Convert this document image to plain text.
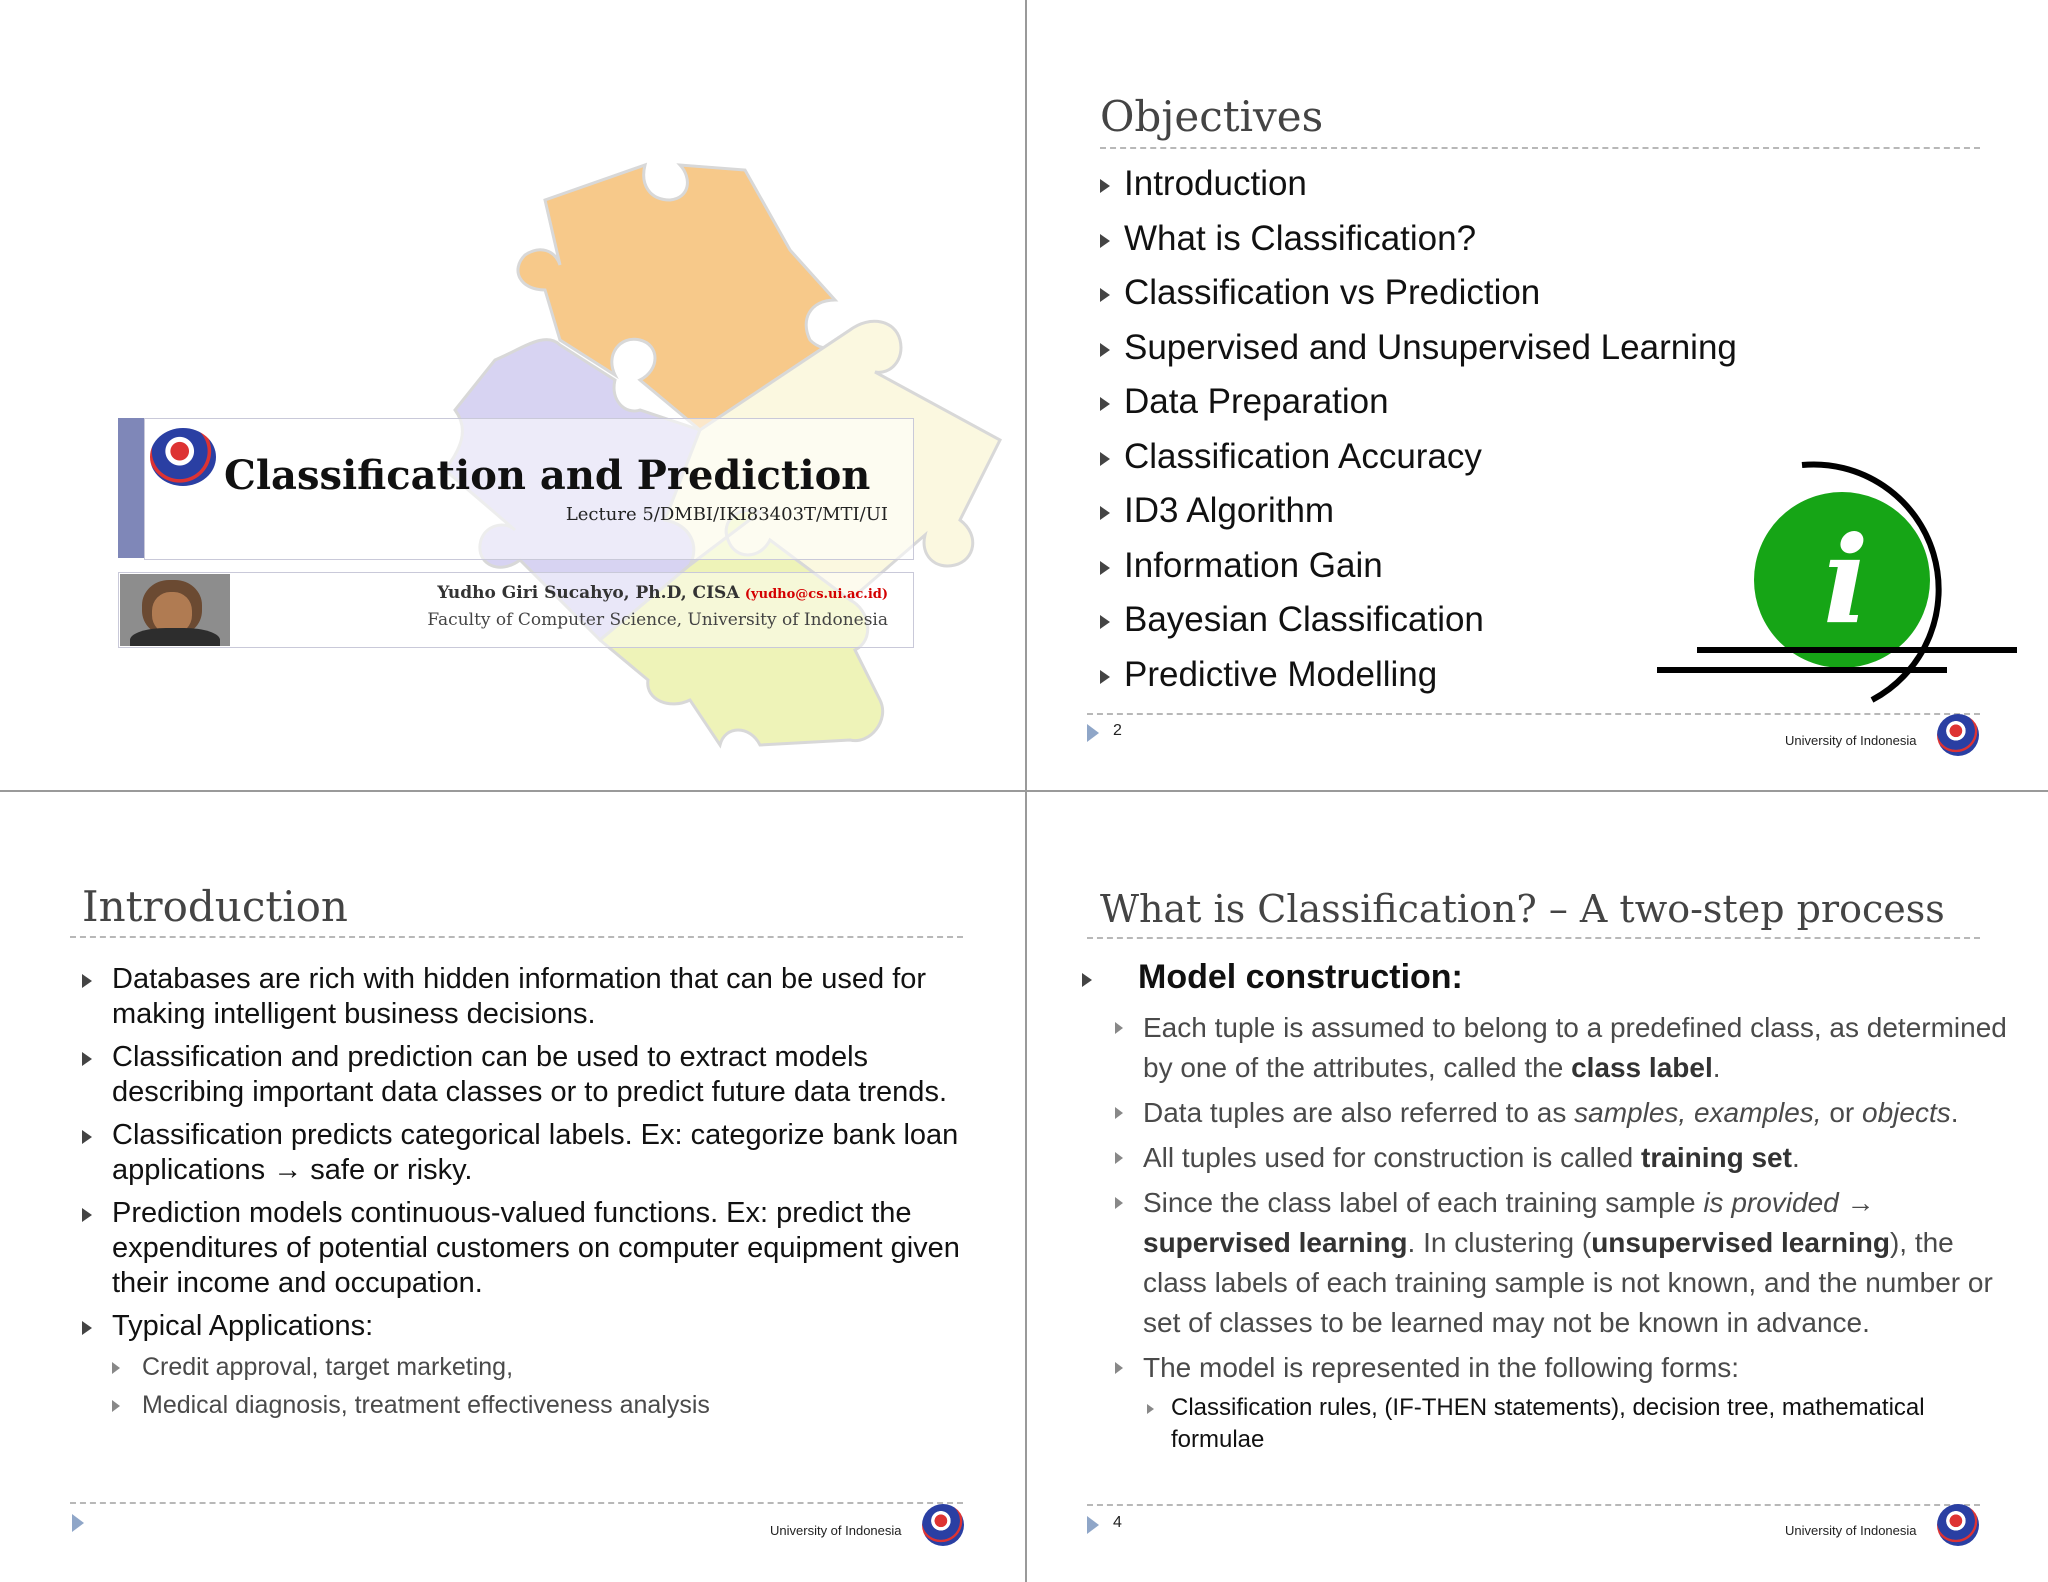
Classification and Prediction
Lecture 5/DMBI/IKI83403T/MTI/UI
Yudho Giri Sucahyo, Ph.D, CISA (yudho@cs.ui.ac.id)
Faculty of Computer Science, University of Indonesia
Objectives
Introduction
What is Classification?
Classification vs Prediction
Supervised and Unsupervised Learning
Data Preparation
Classification Accuracy
ID3 Algorithm
Information Gain
Bayesian Classification
Predictive Modelling
i
2
University of Indonesia
Introduction
Databases are rich with hidden information that can be used for making intelligent business decisions.
Classification and prediction can be used to extract models describing important data classes or to predict future data trends.
Classification predicts categorical labels. Ex: categorize bank loan applications → safe or risky.
Prediction models continuous-valued functions. Ex: predict the expenditures of potential customers on computer equipment given their income and occupation.
Typical Applications:
Credit approval, target marketing,
Medical diagnosis, treatment effectiveness analysis
University of Indonesia
What is Classification? – A two-step process
Model construction:
Each tuple is assumed to belong to a predefined class, as determined by one of the attributes, called the class label.
Data tuples are also referred to as samples, examples, or objects.
All tuples used for construction is called training set.
Since the class label of each training sample is provided → supervised learning. In clustering (unsupervised learning), the class labels of each training sample is not known, and the number or set of classes to be learned may not be known in advance.
The model is represented in the following forms:
Classification rules, (IF-THEN statements), decision tree, mathematical formulae
4	University of Indonesia
